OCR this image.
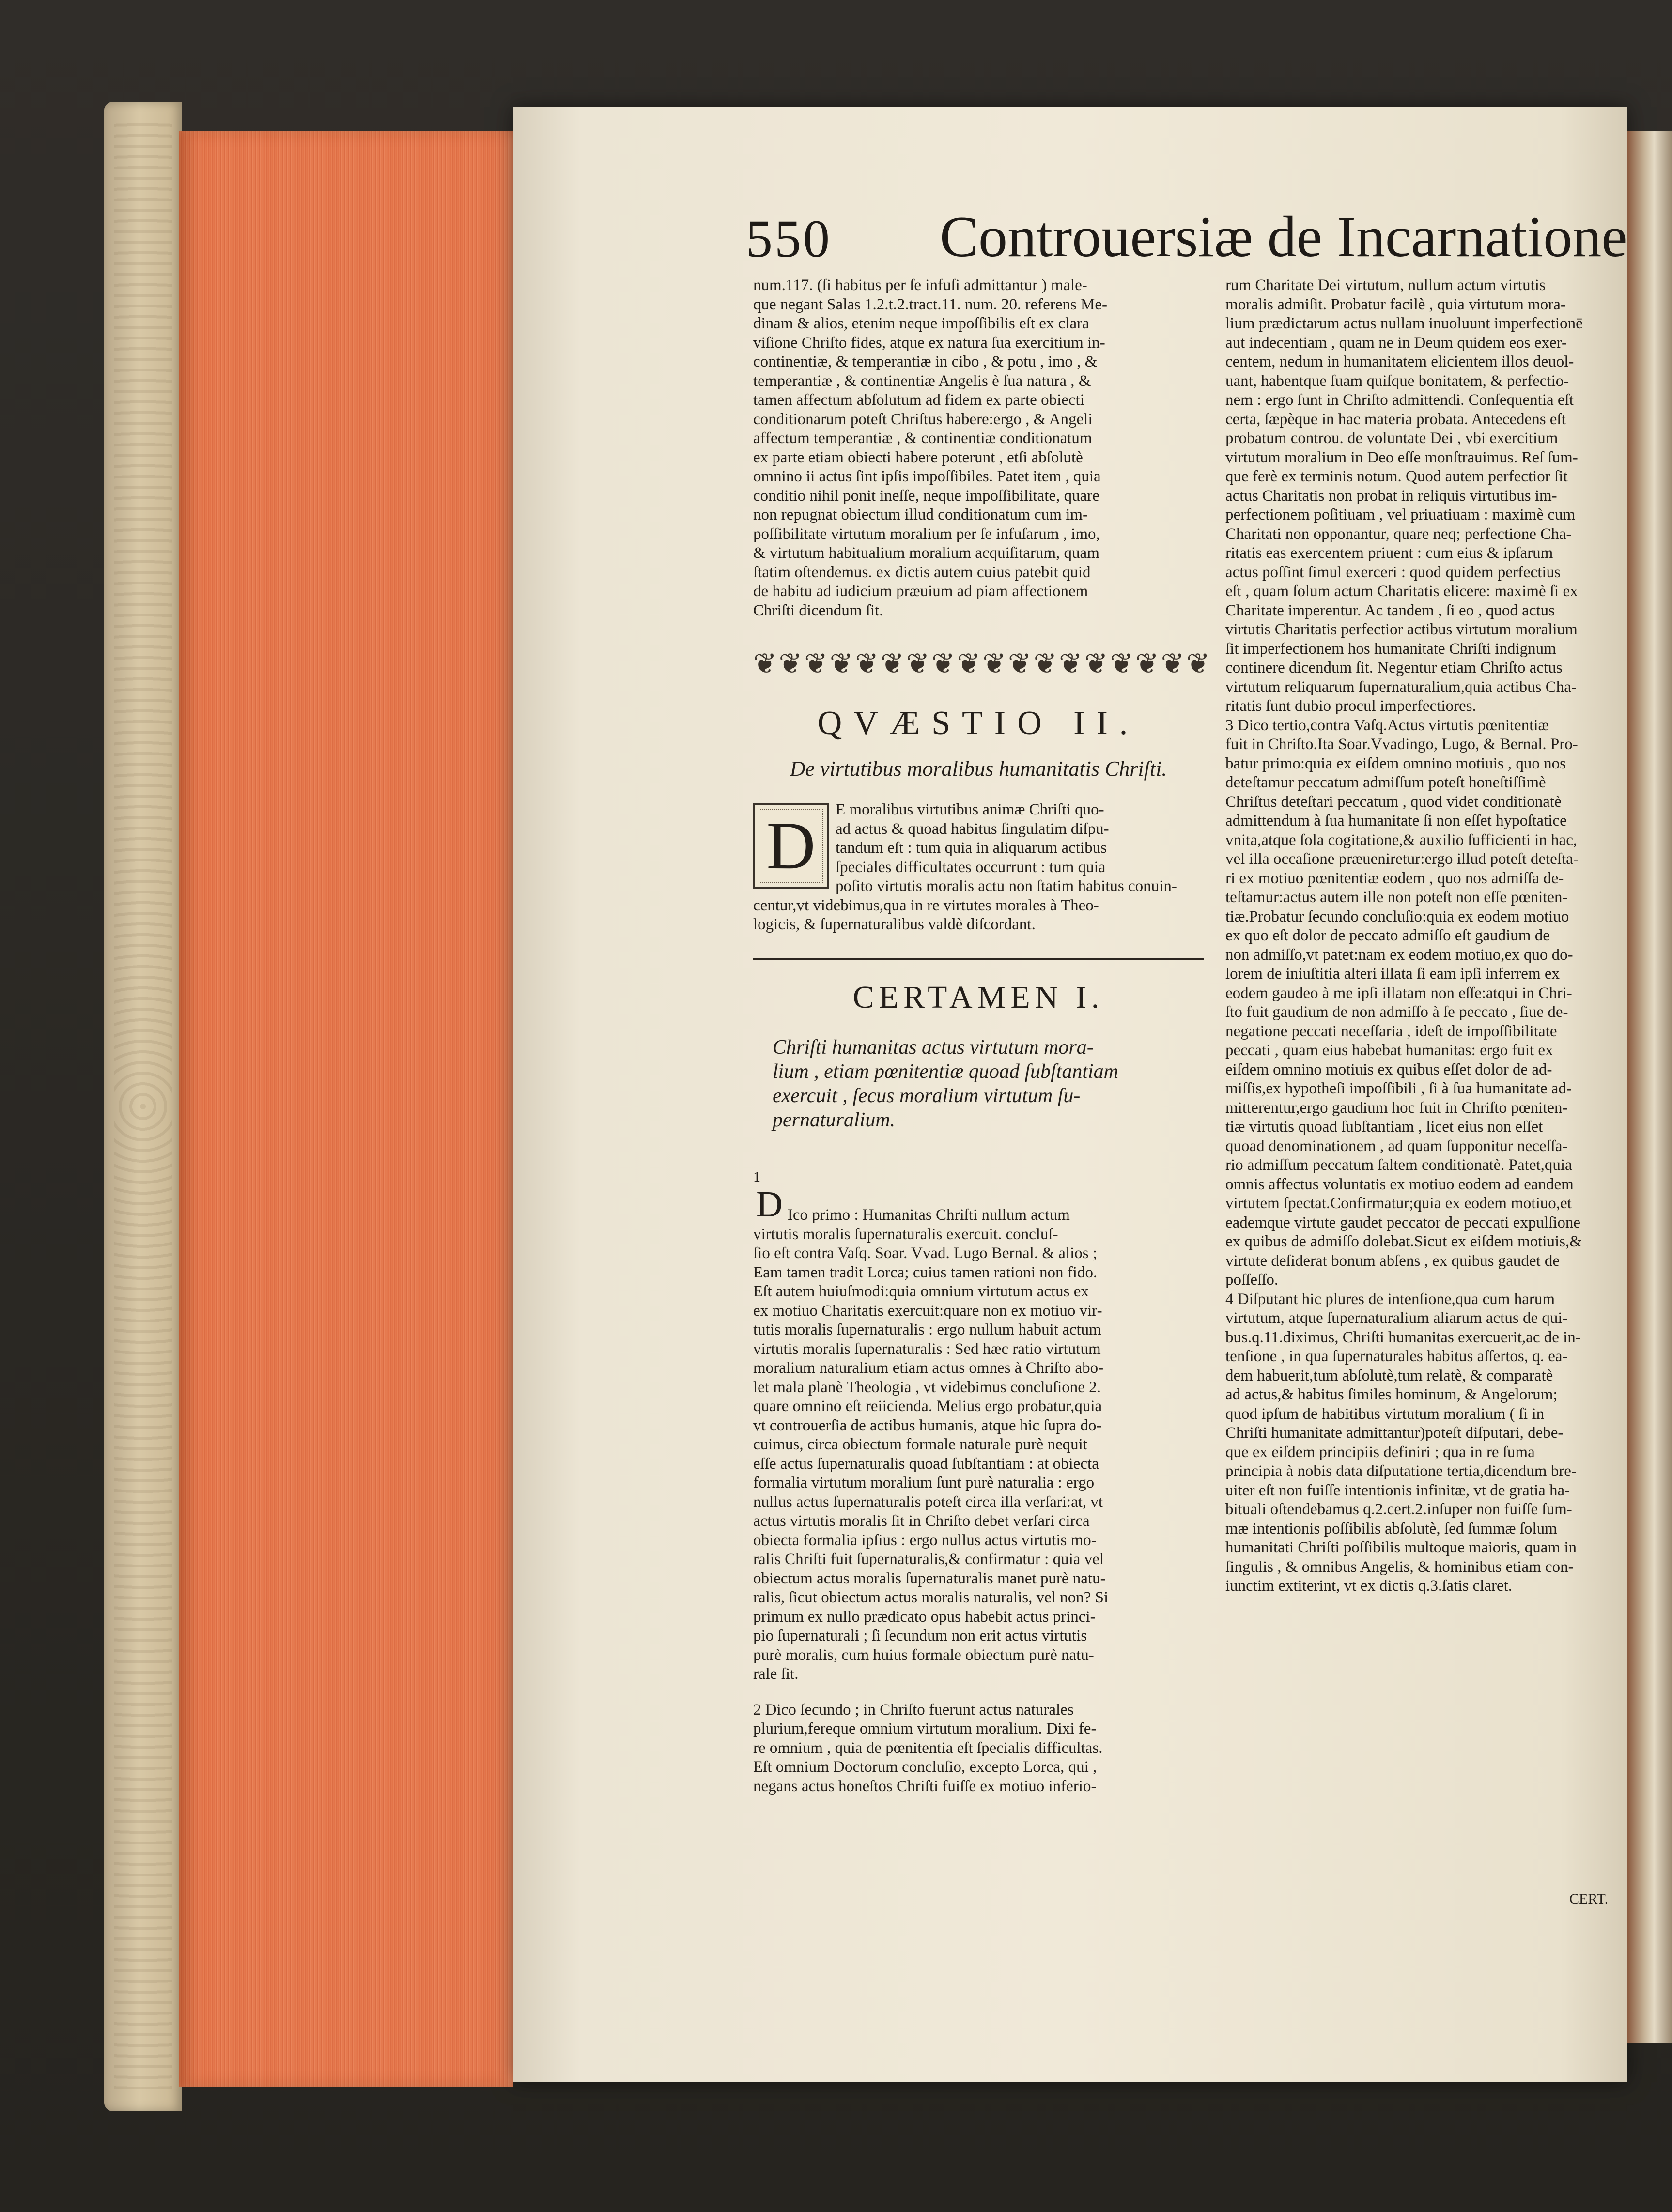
550 Controuersiæ de Incarnatione

num.117. (ſi habitus per ſe infuſi admittantur ) male-
que negant Salas 1.2.t.2.tract.11. num. 20. referens Me-
dinam & alios, etenim neque impoſſibilis eſt ex clara
viſione Chriſto fides, atque ex natura ſua exercitium in-
continentiæ, & temperantiæ in cibo , & potu , imo , &
temperantiæ , & continentiæ Angelis è ſua natura , &
tamen affectum abſolutum ad fidem ex parte obiecti
conditionarum poteſt Chriſtus habere:ergo , & Angeli
affectum temperantiæ , & continentiæ conditionatum
ex parte etiam obiecti habere poterunt , etſi abſolutè
omnino ii actus ſint ipſis impoſſibiles. Patet item , quia
conditio nihil ponit ineſſe, neque impoſſibilitate, quare
non repugnat obiectum illud conditionatum cum im-
poſſibilitate virtutum moralium per ſe infuſarum , imo,
& virtutum habitualium moralium acquiſitarum, quam
ſtatim oſtendemus. ex dictis autem cuius patebit quid
de habitu ad iudicium præuium ad piam affectionem
Chriſti dicendum ſit.

❦❦❦❦❦❦❦❦❦❦❦❦❦❦❦❦❦❦
QVÆSTIO II.
De virtutibus moralibus humanitatis Chriſti.
D	E moralibus virtutibus animæ Chriſti quo-
ad actus & quoad habitus ſingulatim diſpu-
tandum eſt : tum quia in aliquarum actibus
ſpeciales difficultates occurrunt : tum quia
poſito virtutis moralis actu non ſtatim habitus conuin-
centur,vt videbimus,qua in re virtutes morales à Theo-
logicis, & ſupernaturalibus valdè diſcordant.

CERTAMEN I.
Chriſti humanitas actus virtutum mora-
lium , etiam pœnitentiæ quoad ſubſtantiam
exercuit , ſecus moralium virtutum ſu-
pernaturalium.

1

D Ico primo : Humanitas Chriſti nullum actum
virtutis moralis ſupernaturalis exercuit. concluſ-
ſio eſt contra Vaſq. Soar. Vvad. Lugo Bernal. & alios ;
Eam tamen tradit Lorca; cuius tamen rationi non fido.
Eſt autem huiuſmodi:quia omnium virtutum actus ex
ex motiuo Charitatis exercuit:quare non ex motiuo vir-
tutis moralis ſupernaturalis : ergo nullum habuit actum
virtutis moralis ſupernaturalis : Sed hæc ratio virtutum
moralium naturalium etiam actus omnes à Chriſto abo-
let mala planè Theologia , vt videbimus concluſione 2.
quare omnino eſt reiicienda. Melius ergo probatur,quia
vt controuerſia de actibus humanis, atque hic ſupra do-
cuimus, circa obiectum formale naturale purè nequit
eſſe actus ſupernaturalis quoad ſubſtantiam : at obiecta
formalia virtutum moralium ſunt purè naturalia : ergo
nullus actus ſupernaturalis poteſt circa illa verſari:at, vt
actus virtutis moralis ſit in Chriſto debet verſari circa
obiecta formalia ipſius : ergo nullus actus virtutis mo-
ralis Chriſti fuit ſupernaturalis,& confirmatur : quia vel
obiectum actus moralis ſupernaturalis manet purè natu-
ralis, ſicut obiectum actus moralis naturalis, vel non? Si
primum ex nullo prædicato opus habebit actus princi-
pio ſupernaturali ; ſi ſecundum non erit actus virtutis
purè moralis, cum huius formale obiectum purè natu-
rale ſit.

2 Dico ſecundo ; in Chriſto fuerunt actus naturales
plurium,fereque omnium virtutum moralium. Dixi fe-
re omnium , quia de pœnitentia eſt ſpecialis difficultas.
Eſt omnium Doctorum concluſio, excepto Lorca, qui ,
negans actus honeſtos Chriſti fuiſſe ex motiuo inferio-

rum Charitate Dei virtutum, nullum actum virtutis
moralis admiſit. Probatur facilè , quia virtutum mora-
lium prædictarum actus nullam inuoluunt imperfectionē
aut indecentiam , quam ne in Deum quidem eos exer-
centem, nedum in humanitatem elicientem illos deuol-
uant, habentque ſuam quiſque bonitatem, & perfectio-
nem : ergo ſunt in Chriſto admittendi. Conſequentia eſt
certa, ſæpèque in hac materia probata. Antecedens eſt
probatum controu. de voluntate Dei , vbi exercitium
virtutum moralium in Deo eſſe monſtrauimus. Reſ ſum-
que ferè ex terminis notum. Quod autem perfectior ſit
actus Charitatis non probat in reliquis virtutibus im-
perfectionem poſitiuam , vel priuatiuam : maximè cum
Charitati non opponantur, quare neq; perfectione Cha-
ritatis eas exercentem priuent : cum eius & ipſarum
actus poſſint ſimul exerceri : quod quidem perfectius
eſt , quam ſolum actum Charitatis elicere: maximè ſi ex
Charitate imperentur. Ac tandem , ſi eo , quod actus
virtutis Charitatis perfectior actibus virtutum moralium
ſit imperfectionem hos humanitate Chriſti indignum
continere dicendum ſit. Negentur etiam Chriſto actus
virtutum reliquarum ſupernaturalium,quia actibus Cha-
ritatis ſunt dubio procul imperfectiores.

3 Dico tertio,contra Vaſq.Actus virtutis pœnitentiæ
fuit in Chriſto.Ita Soar.Vvadingo, Lugo, & Bernal. Pro-
batur primo:quia ex eiſdem omnino motiuis , quo nos
deteſtamur peccatum admiſſum poteſt honeſtiſſimè
Chriſtus deteſtari peccatum , quod videt conditionatè
admittendum à ſua humanitate ſi non eſſet hypoſtatice
vnita,atque ſola cogitatione,& auxilio ſufficienti in hac,
vel illa occaſione præueniretur:ergo illud poteſt deteſta-
ri ex motiuo pœnitentiæ eodem , quo nos admiſſa de-
teſtamur:actus autem ille non poteſt non eſſe pœniten-
tiæ.Probatur ſecundo concluſio:quia ex eodem motiuo
ex quo eſt dolor de peccato admiſſo eſt gaudium de
non admiſſo,vt patet:nam ex eodem motiuo,ex quo do-
lorem de iniuſtitia alteri illata ſi eam ipſi inferrem ex
eodem gaudeo à me ipſi illatam non eſſe:atqui in Chri-
ſto fuit gaudium de non admiſſo à ſe peccato , ſiue de-
negatione peccati neceſſaria , ideſt de impoſſibilitate
peccati , quam eius habebat humanitas: ergo fuit ex
eiſdem omnino motiuis ex quibus eſſet dolor de ad-
miſſis,ex hypotheſi impoſſibili , ſi à ſua humanitate ad-
mitterentur,ergo gaudium hoc fuit in Chriſto pœniten-
tiæ virtutis quoad ſubſtantiam , licet eius non eſſet
quoad denominationem , ad quam ſupponitur neceſſa-
rio admiſſum peccatum ſaltem conditionatè. Patet,quia
omnis affectus voluntatis ex motiuo eodem ad eandem
virtutem ſpectat.Confirmatur;quia ex eodem motiuo,et
eademque virtute gaudet peccator de peccati expulſione
ex quibus de admiſſo dolebat.Sicut ex eiſdem motiuis,&
virtute deſiderat bonum abſens , ex quibus gaudet de
poſſeſſo.

4 Diſputant hic plures de intenſione,qua cum harum
virtutum, atque ſupernaturalium aliarum actus de qui-
bus.q.11.diximus, Chriſti humanitas exercuerit,ac de in-
tenſione , in qua ſupernaturales habitus aſſertos, q. ea-
dem habuerit,tum abſolutè,tum relatè, & comparatè
ad actus,& habitus ſimiles hominum, & Angelorum;
quod ipſum de habitibus virtutum moralium ( ſi in
Chriſti humanitate admittantur)poteſt diſputari, debe-
que ex eiſdem principiis definiri ; qua in re ſuma
principia à nobis data diſputatione tertia,dicendum bre-
uiter eſt non fuiſſe intentionis infinitæ, vt de gratia ha-
bituali oſtendebamus q.2.cert.2.inſuper non fuiſſe ſum-
mæ intentionis poſſibilis abſolutè, ſed ſummæ ſolum
humanitati Chriſti poſſibilis multoque maioris, quam in
ſingulis , & omnibus Angelis, & hominibus etiam con-
iunctim extiterint, vt ex dictis q.3.ſatis claret.

CERT.
